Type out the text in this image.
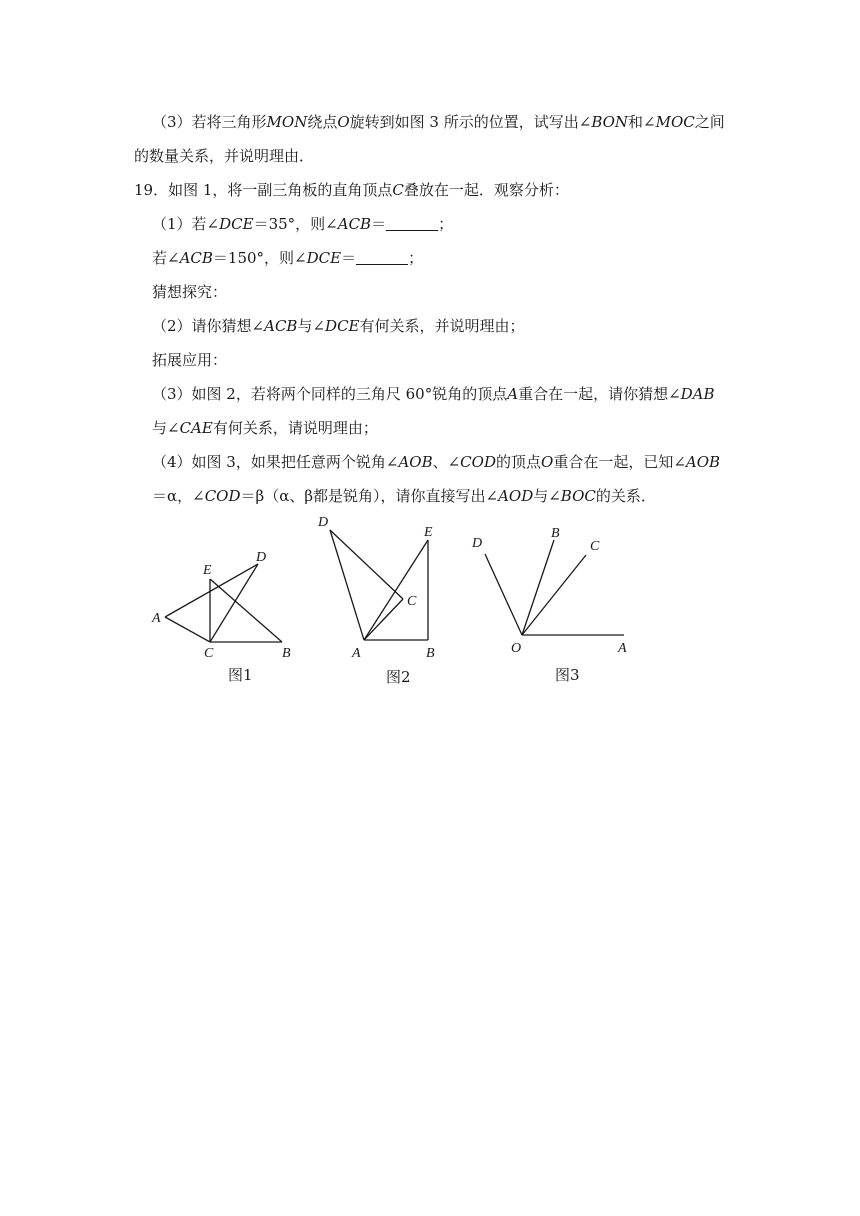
（3）若将三角形MON绕点O旋转到如图 3 所示的位置，试写出∠BON和∠MOC之间
的数量关系，并说明理由．
19．如图 1，将一副三角板的直角顶点C叠放在一起．观察分析：
（1）若∠DCE＝35°，则∠ACB＝	；
若∠ACB＝150°，则∠DCE＝	；
猜想探究：
（2）请你猜想∠ACB与∠DCE有何关系，并说明理由；
拓展应用：
（3）如图 2，若将两个同样的三角尺 60°锐角的顶点A重合在一起，请你猜想∠DAB
与∠CAE有何关系，请说明理由；
（4）如图 3，如果把任意两个锐角∠AOB、∠COD的顶点O重合在一起，已知∠AOB
＝α，∠COD＝β（α、β都是锐角），请你直接写出∠AOD与∠BOC的关系．
A
C	B
E
D
图1
D
E
C
A	B
图2
D
B
C
O	A
图3
